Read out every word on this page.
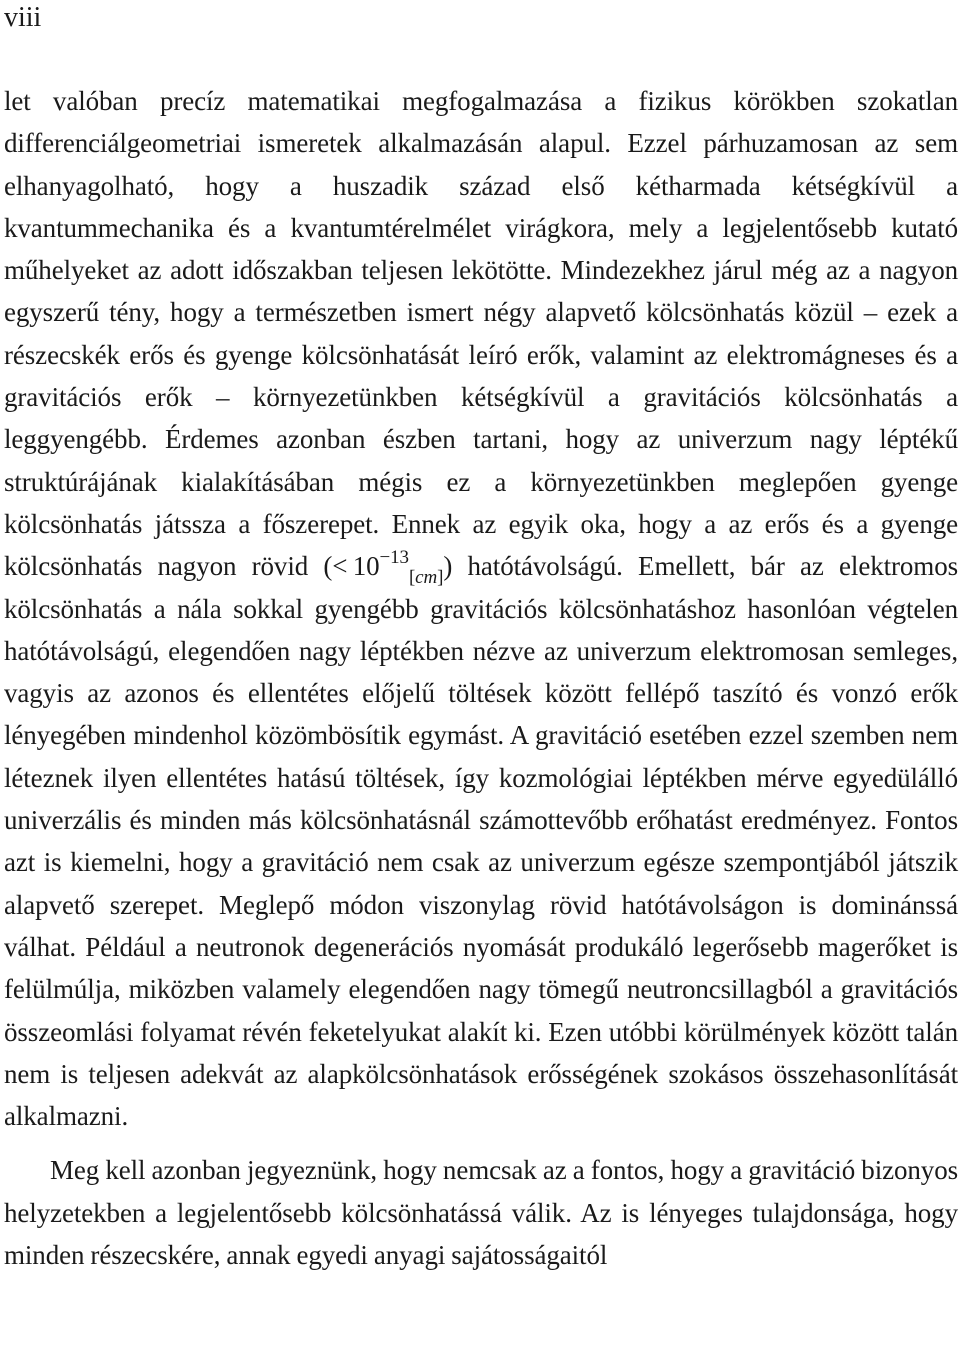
viii

let valóban precíz matematikai megfogalmazása a fizikus körökben szokatlan differenciálgeometriai ismeretek alkalmazásán alapul. Ezzel párhuzamosan az sem elhanyagolható, hogy a huszadik század első kétharmada kétségkívül a kvantummechanika és a kvantumtérelmélet virágkora, mely a legjelentősebb kutató műhelyeket az adott időszakban teljesen lekötötte. Mindezekhez járul még az a nagyon egyszerű tény, hogy a természetben ismert négy alapvető kölcsönhatás közül – ezek a részecskék erős és gyenge kölcsönhatását leíró erők, valamint az elektromágneses és a gravitációs erők – környezetünkben kétségkívül a gravitációs kölcsönhatás a leggyengébb. Érdemes azonban észben tartani, hogy az univerzum nagy léptékű struktúrájának kialakításában mégis ez a környezetünkben meglepően gyenge kölcsönhatás játssza a főszerepet. Ennek az egyik oka, hogy a az erős és a gyenge kölcsönhatás nagyon rövid (<  $10^{-13}_{[cm]}$) hatótávolságú. Emellett, bár az elektromos kölcsönhatás a nála sokkal gyengébb gravitációs kölcsönhatáshoz hasonlóan végtelen hatótávolságú, elegendően nagy léptékben nézve az univerzum elektromosan semleges, vagyis az azonos és ellentétes előjelű töltések között fellépő taszító és vonzó erők lényegében mindenhol közömbösítik egymást. A gravitáció esetében ezzel szemben nem léteznek ilyen ellentétes hatású töltések, így kozmológiai léptékben mérve egyedülálló univerzális és minden más kölcsönhatásnál számottevőbb erőhatást eredményez. Fontos azt is kiemelni, hogy a gravitáció nem csak az univerzum egésze szempontjából játszik alapvető szerepet. Meglepő módon viszonylag rövid hatótávolságon is dominánssá válhat. Például a neutronok degenerációs nyomását produkáló legerősebb magerőket is felülmúlja, miközben valamely elegendően nagy tömegű neutroncsillagból a gravitációs összeomlási folyamat révén feketelyukat alakít ki. Ezen utóbbi körülmények között talán nem is teljesen adekvát az alapkölcsönhatások erősségének szokásos összehasonlítását alkalmazni.

Meg kell azonban jegyeznünk, hogy nemcsak az a fontos, hogy a gravitáció bizonyos helyzetekben a legjelentősebb kölcsönhatássá válik. Az is lényeges tulajdonsága, hogy minden részecskére, annak egyedi anyagi sajátosságaitól
